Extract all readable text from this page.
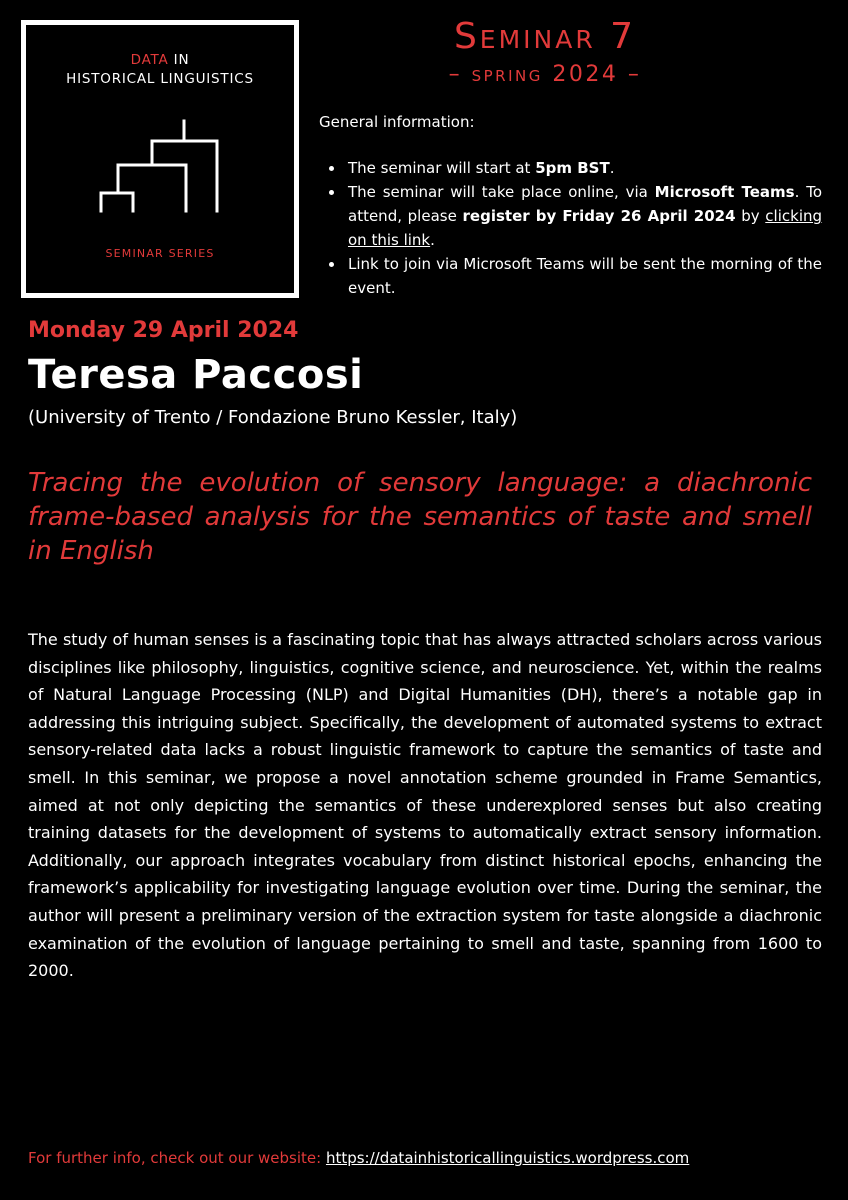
DATA IN
HISTORICAL LINGUISTICS
SEMINAR SERIES
Seminar 7
– spring 2024 –
General information:
The seminar will start at 5pm BST.
The seminar will take place online, via Microsoft Teams. To attend, please register by Friday 26 April 2024 by clicking on this link.
Link to join via Microsoft Teams will be sent the morning of the event.
Monday 29 April 2024
Teresa Paccosi
(University of Trento / Fondazione Bruno Kessler, Italy)
Tracing the evolution of sensory language: a diachronic frame-based analysis for the semantics of taste and smell in English
The study of human senses is a fascinating topic that has always attracted scholars across various disciplines like philosophy, linguistics, cognitive science, and neuroscience. Yet, within the realms of Natural Language Processing (NLP) and Digital Humanities (DH), there’s a notable gap in addressing this intriguing subject. Specifically, the development of automated systems to extract sensory-related data lacks a robust linguistic framework to capture the semantics of taste and smell. In this seminar, we propose a novel annotation scheme grounded in Frame Semantics, aimed at not only depicting the semantics of these underexplored senses but also creating training datasets for the development of systems to automatically extract sensory information. Additionally, our approach integrates vocabulary from distinct historical epochs, enhancing the framework’s applicability for investigating language evolution over time. During the seminar, the author will present a preliminary version of the extraction system for taste alongside a diachronic examination of the evolution of language pertaining to smell and taste, spanning from 1600 to 2000.
For further info, check out our website: https://datainhistoricallinguistics.wordpress.com
